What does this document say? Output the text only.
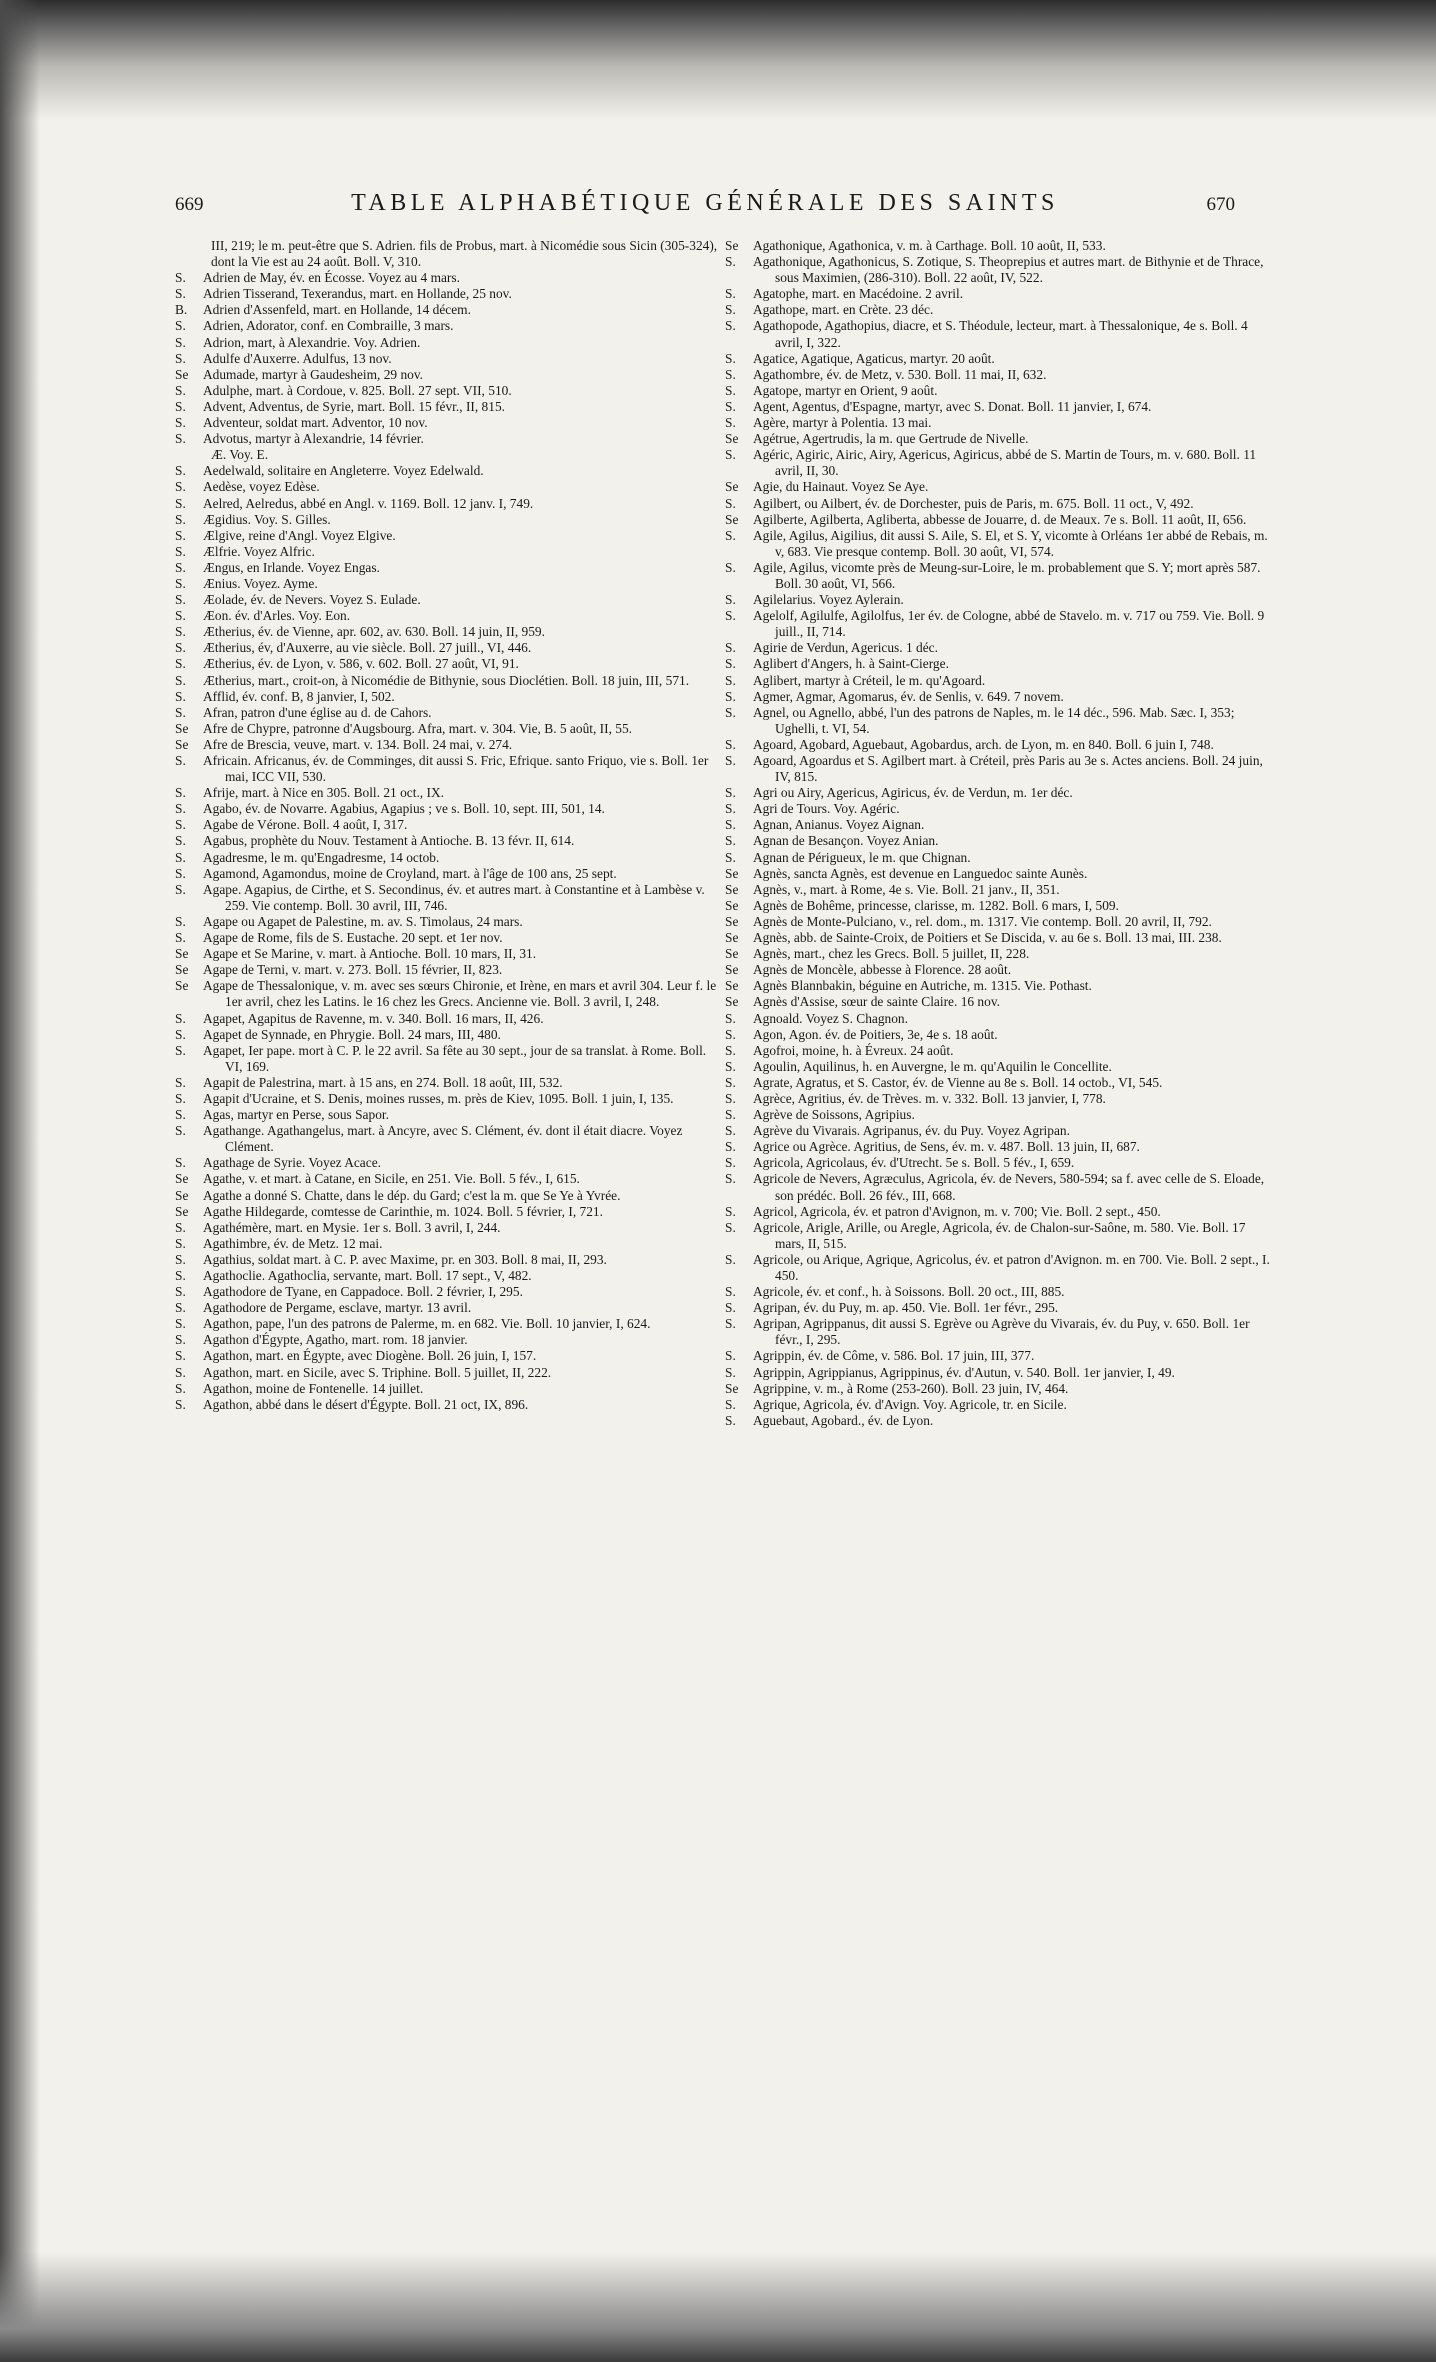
669	TABLE ALPHABÉTIQUE GÉNÉRALE DES SAINTS	670
III, 219; le m. peut-être que S. Adrien. fils de Probus, mart. à Nicomédie sous Sicin (305-324), dont la Vie est au 24 août. Boll. V, 310.
S.	Adrien de May, év. en Écosse. Voyez au 4 mars.
S.	Adrien Tisserand, Texerandus, mart. en Hollande, 25 nov.
B.	Adrien d'Assenfeld, mart. en Hollande, 14 décem.
S.	Adrien, Adorator, conf. en Combraille, 3 mars.
S.	Adrion, mart, à Alexandrie. Voy. Adrien.
S.	Adulfe d'Auxerre. Adulfus, 13 nov.
Se	Adumade, martyr à Gaudesheim, 29 nov.
S.	Adulphe, mart. à Cordoue, v. 825. Boll. 27 sept. VII, 510.
S.	Advent, Adventus, de Syrie, mart. Boll. 15 févr., II, 815.
S.	Adventeur, soldat mart. Adventor, 10 nov.
S.	Advotus, martyr à Alexandrie, 14 février.
Æ. Voy. E.
S.	Aedelwald, solitaire en Angleterre. Voyez Edelwald.
S.	Aedèse, voyez Edèse.
S.	Aelred, Aelredus, abbé en Angl. v. 1169. Boll. 12 janv. I, 749.
S.	Ægidius. Voy. S. Gilles.
S.	Ælgive, reine d'Angl. Voyez Elgive.
S.	Ælfrie. Voyez Alfric.
S.	Ængus, en Irlande. Voyez Engas.
S.	Ænius. Voyez. Ayme.
S.	Æolade, év. de Nevers. Voyez S. Eulade.
S.	Æon. év. d'Arles. Voy. Eon.
S.	Ætherius, év. de Vienne, apr. 602, av. 630. Boll. 14 juin, II, 959.
S.	Ætherius, év, d'Auxerre, au vie siècle. Boll. 27 juill., VI, 446.
S.	Ætherius, év. de Lyon, v. 586, v. 602. Boll. 27 août, VI, 91.
S.	Ætherius, mart., croit-on, à Nicomédie de Bithynie, sous Dioclétien. Boll. 18 juin, III, 571.
S.	Afflid, év. conf. B, 8 janvier, I, 502.
S.	Afran, patron d'une église au d. de Cahors.
Se	Afre de Chypre, patronne d'Augsbourg. Afra, mart. v. 304. Vie, B. 5 août, II, 55.
Se	Afre de Brescia, veuve, mart. v. 134. Boll. 24 mai, v. 274.
S.	Africain. Africanus, év. de Comminges, dit aussi S. Fric, Efrique. santo Friquo, vie s. Boll. 1er mai, ICC VII, 530.
S.	Afrije, mart. à Nice en 305. Boll. 21 oct., IX.
S.	Agabo, év. de Novarre. Agabius, Agapius ; ve s. Boll. 10, sept. III, 501, 14.
S.	Agabe de Vérone. Boll. 4 août, I, 317.
S.	Agabus, prophète du Nouv. Testament à Antioche. B. 13 févr. II, 614.
S.	Agadresme, le m. qu'Engadresme, 14 octob.
S.	Agamond, Agamondus, moine de Croyland, mart. à l'âge de 100 ans, 25 sept.
S.	Agape. Agapius, de Cirthe, et S. Secondinus, év. et autres mart. à Constantine et à Lambèse v. 259. Vie contemp. Boll. 30 avril, III, 746.
S.	Agape ou Agapet de Palestine, m. av. S. Timolaus, 24 mars.
S.	Agape de Rome, fils de S. Eustache. 20 sept. et 1er nov.
Se	Agape et Se Marine, v. mart. à Antioche. Boll. 10 mars, II, 31.
Se	Agape de Terni, v. mart. v. 273. Boll. 15 février, II, 823.
Se	Agape de Thessalonique, v. m. avec ses sœurs Chironie, et Irène, en mars et avril 304. Leur f. le 1er avril, chez les Latins. le 16 chez les Grecs. Ancienne vie. Boll. 3 avril, I, 248.
S.	Agapet, Agapitus de Ravenne, m. v. 340. Boll. 16 mars, II, 426.
S.	Agapet de Synnade, en Phrygie. Boll. 24 mars, III, 480.
S.	Agapet, Ier pape. mort à C. P. le 22 avril. Sa fête au 30 sept., jour de sa translat. à Rome. Boll. VI, 169.
S.	Agapit de Palestrina, mart. à 15 ans, en 274. Boll. 18 août, III, 532.
S.	Agapit d'Ucraine, et S. Denis, moines russes, m. près de Kiev, 1095. Boll. 1 juin, I, 135.
S.	Agas, martyr en Perse, sous Sapor.
S.	Agathange. Agathangelus, mart. à Ancyre, avec S. Clément, év. dont il était diacre. Voyez Clément.
S.	Agathage de Syrie. Voyez Acace.
Se	Agathe, v. et mart. à Catane, en Sicile, en 251. Vie. Boll. 5 fév., I, 615.
Se	Agathe a donné S. Chatte, dans le dép. du Gard; c'est la m. que Se Ye à Yvrée.
Se	Agathe Hildegarde, comtesse de Carinthie, m. 1024. Boll. 5 février, I, 721.
S.	Agathémère, mart. en Mysie. 1er s. Boll. 3 avril, I, 244.
S.	Agathimbre, év. de Metz. 12 mai.
S.	Agathius, soldat mart. à C. P. avec Maxime, pr. en 303. Boll. 8 mai, II, 293.
S.	Agathoclie. Agathoclia, servante, mart. Boll. 17 sept., V, 482.
S.	Agathodore de Tyane, en Cappadoce. Boll. 2 février, I, 295.
S.	Agathodore de Pergame, esclave, martyr. 13 avril.
S.	Agathon, pape, l'un des patrons de Palerme, m. en 682. Vie. Boll. 10 janvier, I, 624.
S.	Agathon d'Égypte, Agatho, mart. rom. 18 janvier.
S.	Agathon, mart. en Égypte, avec Diogène. Boll. 26 juin, I, 157.
S.	Agathon, mart. en Sicile, avec S. Triphine. Boll. 5 juillet, II, 222.
S.	Agathon, moine de Fontenelle. 14 juillet.
S.	Agathon, abbé dans le désert d'Égypte. Boll. 21 oct, IX, 896.
Se	Agathonique, Agathonica, v. m. à Carthage. Boll. 10 août, II, 533.
S.	Agathonique, Agathonicus, S. Zotique, S. Theoprepius et autres mart. de Bithynie et de Thrace, sous Maximien, (286-310). Boll. 22 août, IV, 522.
S.	Agatophe, mart. en Macédoine. 2 avril.
S.	Agathope, mart. en Crète. 23 déc.
S.	Agathopode, Agathopius, diacre, et S. Théodule, lecteur, mart. à Thessalonique, 4e s. Boll. 4 avril, I, 322.
S.	Agatice, Agatique, Agaticus, martyr. 20 août.
S.	Agathombre, év. de Metz, v. 530. Boll. 11 mai, II, 632.
S.	Agatope, martyr en Orient, 9 août.
S.	Agent, Agentus, d'Espagne, martyr, avec S. Donat. Boll. 11 janvier, I, 674.
S.	Agère, martyr à Polentia. 13 mai.
Se	Agétrue, Agertrudis, la m. que Gertrude de Nivelle.
S.	Agéric, Agiric, Airic, Airy, Agericus, Agiricus, abbé de S. Martin de Tours, m. v. 680. Boll. 11 avril, II, 30.
Se	Agie, du Hainaut. Voyez Se Aye.
S.	Agilbert, ou Ailbert, év. de Dorchester, puis de Paris, m. 675. Boll. 11 oct., V, 492.
Se	Agilberte, Agilberta, Agliberta, abbesse de Jouarre, d. de Meaux. 7e s. Boll. 11 août, II, 656.
S.	Agile, Agilus, Aigilius, dit aussi S. Aile, S. El, et S. Y, vicomte à Orléans 1er abbé de Rebais, m. v, 683. Vie presque contemp. Boll. 30 août, VI, 574.
S.	Agile, Agilus, vicomte près de Meung-sur-Loire, le m. probablement que S. Y; mort après 587. Boll. 30 août, VI, 566.
S.	Agilelarius. Voyez Aylerain.
S.	Agelolf, Agilulfe, Agilolfus, 1er év. de Cologne, abbé de Stavelo. m. v. 717 ou 759. Vie. Boll. 9 juill., II, 714.
S.	Agirie de Verdun, Agericus. 1 déc.
S.	Aglibert d'Angers, h. à Saint-Cierge.
S.	Aglibert, martyr à Créteil, le m. qu'Agoard.
S.	Agmer, Agmar, Agomarus, év. de Senlis, v. 649. 7 novem.
S.	Agnel, ou Agnello, abbé, l'un des patrons de Naples, m. le 14 déc., 596. Mab. Sæc. I, 353; Ughelli, t. VI, 54.
S.	Agoard, Agobard, Aguebaut, Agobardus, arch. de Lyon, m. en 840. Boll. 6 juin I, 748.
S.	Agoard, Agoardus et S. Agilbert mart. à Créteil, près Paris au 3e s. Actes anciens. Boll. 24 juin, IV, 815.
S.	Agri ou Airy, Agericus, Agiricus, év. de Verdun, m. 1er déc.
S.	Agri de Tours. Voy. Agéric.
S.	Agnan, Anianus. Voyez Aignan.
S.	Agnan de Besançon. Voyez Anian.
S.	Agnan de Périgueux, le m. que Chignan.
Se	Agnès, sancta Agnès, est devenue en Languedoc sainte Aunès.
Se	Agnès, v., mart. à Rome, 4e s. Vie. Boll. 21 janv., II, 351.
Se	Agnès de Bohême, princesse, clarisse, m. 1282. Boll. 6 mars, I, 509.
Se	Agnès de Monte-Pulciano, v., rel. dom., m. 1317. Vie contemp. Boll. 20 avril, II, 792.
Se	Agnès, abb. de Sainte-Croix, de Poitiers et Se Discida, v. au 6e s. Boll. 13 mai, III. 238.
Se	Agnès, mart., chez les Grecs. Boll. 5 juillet, II, 228.
Se	Agnès de Moncèle, abbesse à Florence. 28 août.
Se	Agnès Blannbakin, béguine en Autriche, m. 1315. Vie. Pothast.
Se	Agnès d'Assise, sœur de sainte Claire. 16 nov.
S.	Agnoald. Voyez S. Chagnon.
S.	Agon, Agon. év. de Poitiers, 3e, 4e s. 18 août.
S.	Agofroi, moine, h. à Évreux. 24 août.
S.	Agoulin, Aquilinus, h. en Auvergne, le m. qu'Aquilin le Concellite.
S.	Agrate, Agratus, et S. Castor, év. de Vienne au 8e s. Boll. 14 octob., VI, 545.
S.	Agrèce, Agritius, év. de Trèves. m. v. 332. Boll. 13 janvier, I, 778.
S.	Agrève de Soissons, Agripius.
S.	Agrève du Vivarais. Agripanus, év. du Puy. Voyez Agripan.
S.	Agrice ou Agrèce. Agritius, de Sens, év. m. v. 487. Boll. 13 juin, II, 687.
S.	Agricola, Agricolaus, év. d'Utrecht. 5e s. Boll. 5 fév., I, 659.
S.	Agricole de Nevers, Agræculus, Agricola, év. de Nevers, 580-594; sa f. avec celle de S. Eloade, son prédéc. Boll. 26 fév., III, 668.
S.	Agricol, Agricola, év. et patron d'Avignon, m. v. 700; Vie. Boll. 2 sept., 450.
S.	Agricole, Arigle, Arille, ou Aregle, Agricola, év. de Chalon-sur-Saône, m. 580. Vie. Boll. 17 mars, II, 515.
S.	Agricole, ou Arique, Agrique, Agricolus, év. et patron d'Avignon. m. en 700. Vie. Boll. 2 sept., I. 450.
S.	Agricole, év. et conf., h. à Soissons. Boll. 20 oct., III, 885.
S.	Agripan, év. du Puy, m. ap. 450. Vie. Boll. 1er févr., 295.
S.	Agripan, Agrippanus, dit aussi S. Egrève ou Agrève du Vivarais, év. du Puy, v. 650. Boll. 1er févr., I, 295.
S.	Agrippin, év. de Côme, v. 586. Bol. 17 juin, III, 377.
S.	Agrippin, Agrippianus, Agrippinus, év. d'Autun, v. 540. Boll. 1er janvier, I, 49.
Se	Agrippine, v. m., à Rome (253-260). Boll. 23 juin, IV, 464.
S.	Agrique, Agricola, év. d'Avign. Voy. Agricole, tr. en Sicile.
S.	Aguebaut, Agobard., év. de Lyon.
